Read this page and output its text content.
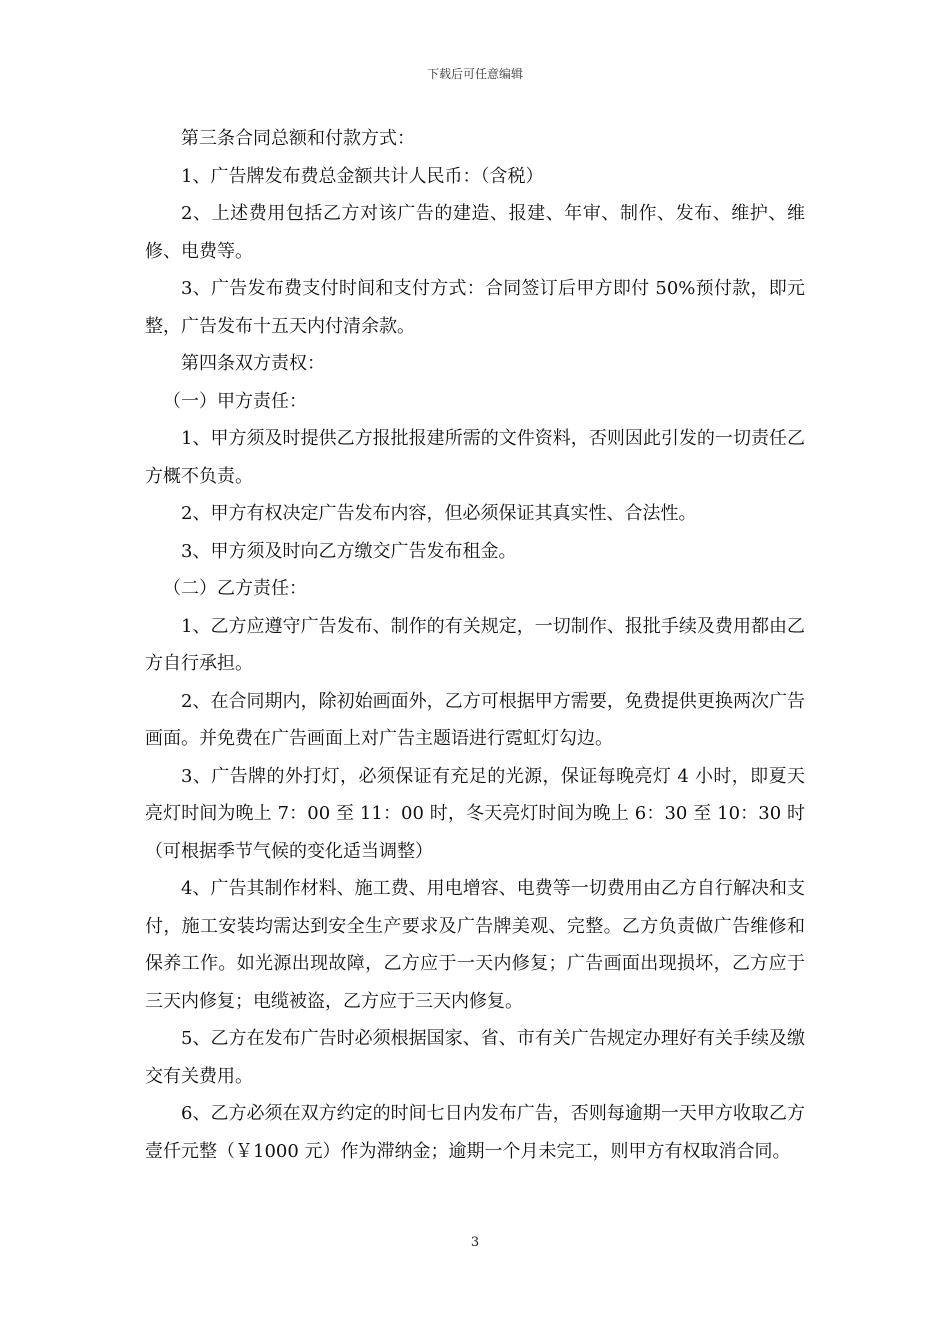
下载后可任意编辑

第三条合同总额和付款方式：

1、广告牌发布费总金额共计人民币：（含税）

2、上述费用包括乙方对该广告的建造、报建、年审、制作、发布、维护、维修、电费等。

3、广告发布费支付时间和支付方式：合同签订后甲方即付 50%预付款，即元整，广告发布十五天内付清余款。

第四条双方责权：

（一）甲方责任：

1、甲方须及时提供乙方报批报建所需的文件资料，否则因此引发的一切责任乙方概不负责。

2、甲方有权决定广告发布内容，但必须保证其真实性、合法性。

3、甲方须及时向乙方缴交广告发布租金。

（二）乙方责任：

1、乙方应遵守广告发布、制作的有关规定，一切制作、报批手续及费用都由乙方自行承担。

2、在合同期内，除初始画面外，乙方可根据甲方需要，免费提供更换两次广告画面。并免费在广告画面上对广告主题语进行霓虹灯勾边。

3、广告牌的外打灯，必须保证有充足的光源，保证每晚亮灯 4 小时，即夏天亮灯时间为晚上 7：00 至 11：00 时，冬天亮灯时间为晚上 6：30 至 10：30 时（可根据季节气候的变化适当调整）

4、广告其制作材料、施工费、用电增容、电费等一切费用由乙方自行解决和支付，施工安装均需达到安全生产要求及广告牌美观、完整。乙方负责做广告维修和保养工作。如光源出现故障，乙方应于一天内修复；广告画面出现损坏，乙方应于三天内修复；电缆被盗，乙方应于三天内修复。

5、乙方在发布广告时必须根据国家、省、市有关广告规定办理好有关手续及缴交有关费用。

6、乙方必须在双方约定的时间七日内发布广告，否则每逾期一天甲方收取乙方壹仟元整（￥1000 元）作为滞纳金；逾期一个月未完工，则甲方有权取消合同。

3
